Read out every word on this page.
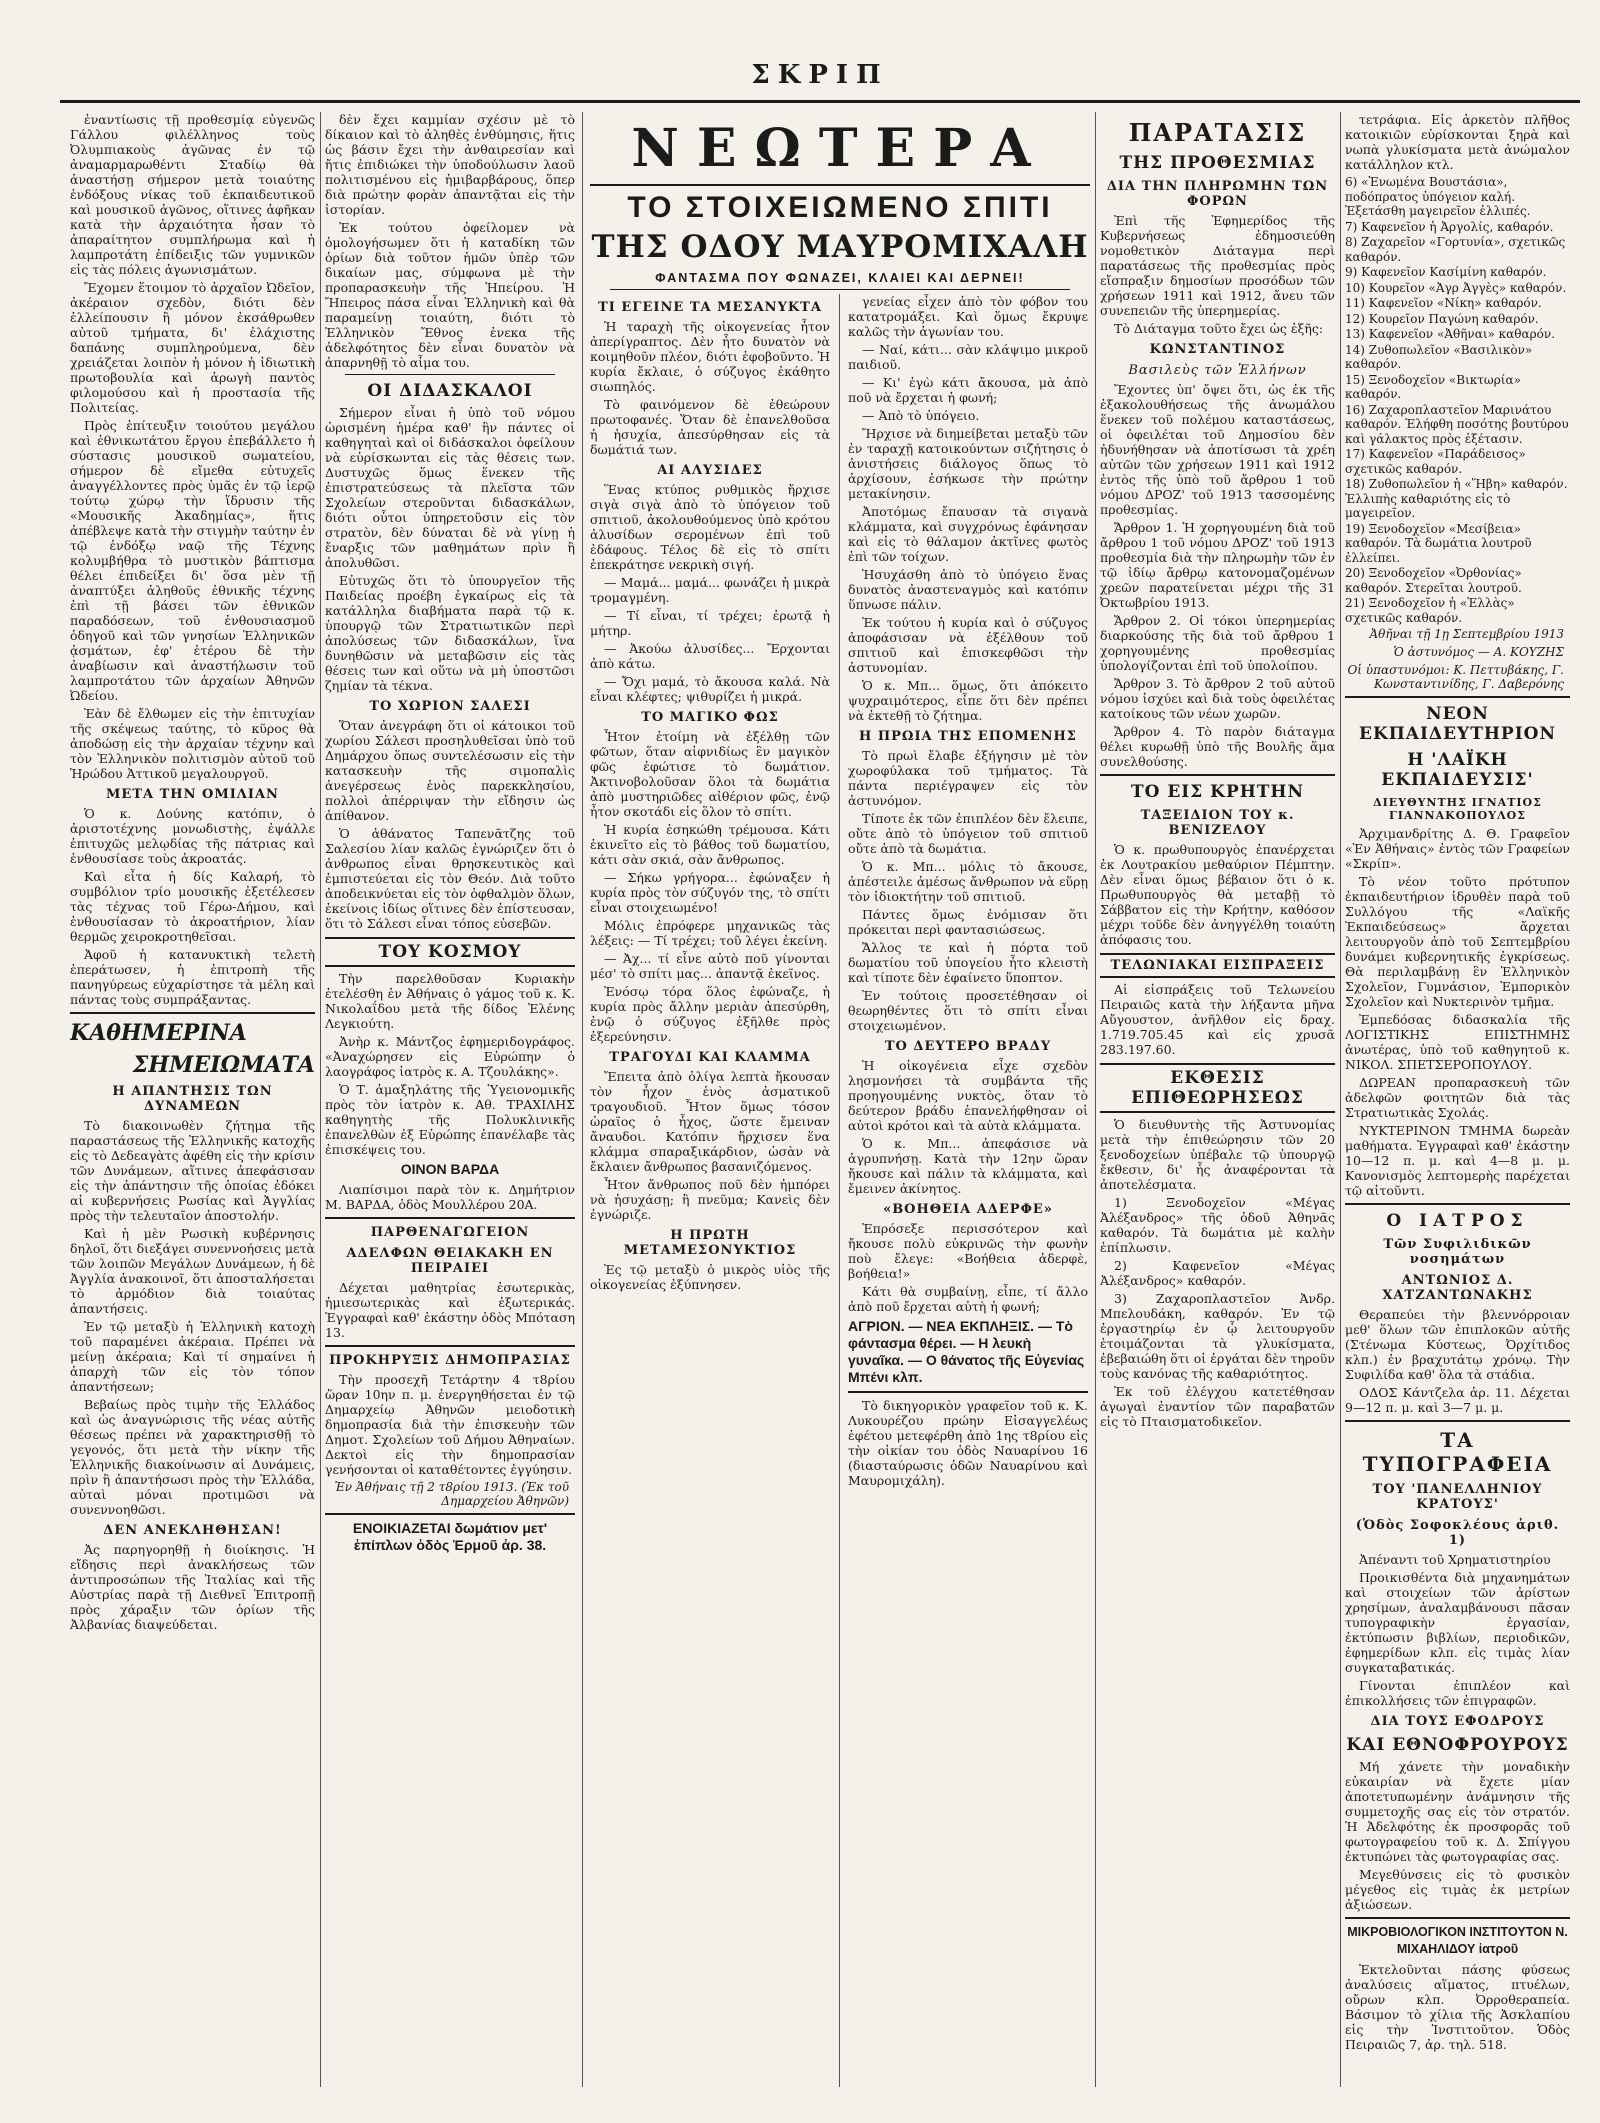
ΣΚΡΙΠ

ἐναντίωσις τῇ προθεσμίᾳ εὐγενῶς Γάλλου φιλέλληνος τοὺς Ὀλυμπιακοὺς ἀγῶνας ἐν τῷ ἀναμαρμαρωθέντι Σταδίῳ θὰ ἀναστήσῃ σήμερον μετὰ τοιαύτης ἐνδόξους νίκας τοῦ ἐκπαιδευτικοῦ καὶ μουσικοῦ ἀγῶνος, οἵτινες ἀφῆκαν κατὰ τὴν ἀρχαιότητα ἦσαν τὸ ἀπαραίτητον συμπλήρωμα καὶ ἡ λαμπροτάτη ἐπίδειξις τῶν γυμνικῶν εἰς τὰς πόλεις ἀγωνισμάτων.

Ἔχομεν ἕτοιμον τὸ ἀρχαῖον Ὠδεῖον, ἀκέραιον σχεδὸν, διότι δὲν ἐλλείπουσιν ἢ μόνον ἐκσάθρωθεν αὐτοῦ τμήματα, δι' ἐλάχιστης δαπάνης συμπληρούμενα, δὲν χρειάζεται λοιπὸν ἡ μόνον ἡ ἰδιωτικὴ πρωτοβουλία καὶ ἀρωγὴ παντὸς φιλομούσου καὶ ἡ προστασία τῆς Πολιτείας.

Πρὸς ἐπίτευξιν τοιούτου μεγάλου καὶ ἐθνικωτάτου ἔργου ἐπεβάλλετο ἡ σύστασις μουσικοῦ σωματείου, σήμερον δὲ εἴμεθα εὐτυχεῖς ἀναγγέλλοντες πρὸς ὑμᾶς ἐν τῷ ἱερῷ τούτῳ χώρῳ τὴν ἵδρυσιν τῆς «Μουσικῆς Ἀκαδημίας», ἥτις ἀπέβλεψε κατὰ τὴν στιγμὴν ταύτην ἐν τῷ ἐνδόξῳ ναῷ τῆς Τέχνης κολυμβήθρα τὸ μυστικὸν βάπτισμα θέλει ἐπιδείξει δι' ὅσα μὲν τῇ ἀναπτύξει ἀληθοῦς ἐθνικῆς τέχνης ἐπὶ τῇ βάσει τῶν ἐθνικῶν παραδόσεων, τοῦ ἐνθουσιασμοῦ ὁδηγοῦ καὶ τῶν γνησίων Ἑλληνικῶν ᾀσμάτων, ἐφ' ἑτέρου δὲ τὴν ἀναβίωσιν καὶ ἀναστήλωσιν τοῦ λαμπροτάτου τῶν ἀρχαίων Ἀθηνῶν Ὠδείου.

Ἐὰν δὲ ἔλθωμεν εἰς τὴν ἐπιτυχίαν τῆς σκέψεως ταύτης, τὸ κῦρος θὰ ἀποδώσῃ εἰς τὴν ἀρχαίαν τέχνην καὶ τὸν Ἑλληνικὸν πολιτισμὸν αὐτοῦ τοῦ Ἡρώδου Ἀττικοῦ μεγαλουργοῦ.

ΜΕΤΑ ΤΗΝ ΟΜΙΛΙΑΝ

Ὁ κ. Δούνης κατόπιν, ὁ ἀριστοτέχνης μονωδιστὴς, ἐψάλλε ἐπιτυχῶς μελῳδίας τῆς πάτριας καὶ ἐνθουσίασε τοὺς ἀκροατάς.

Καὶ εἶτα ἡ δίς Καλαρή, τὸ συμβόλιον τρίο μουσικῆς ἐξετέλεσεν τὰς τέχνας τοῦ Γέρω-Δήμου, καὶ ἐνθουσίασαν τὸ ἀκροατήριον, λίαν θερμῶς χειροκροτηθεῖσαι.

Ἀφοῦ ἡ κατανυκτικὴ τελετὴ ἐπεράτωσεν, ἡ ἐπιτροπὴ τῆς πανηγύρεως εὐχαρίστησε τὰ μέλη καὶ πάντας τοὺς συμπράξαντας.

ΚΑθΗΜΕΡΙΝΑ
ΣΗΜΕΙΩΜΑΤΑ
Η ΑΠΑΝΤΗΣΙΣ ΤΩΝ ΔΥΝΑΜΕΩΝ

Τὸ διακοινωθὲν ζήτημα τῆς παραστάσεως τῆς Ἑλληνικῆς κατοχῆς εἰς τὸ Δεδεαγὰτς ἀφέθη εἰς τὴν κρίσιν τῶν Δυνάμεων, αἵτινες ἀπεφάσισαν εἰς τὴν ἀπάντησιν τῆς ὁποίας ἐδόκει αἱ κυβερνήσεις Ρωσίας καὶ Ἀγγλίας πρὸς τὴν τελευταῖον ἀποστολήν.

Καὶ ἡ μὲν Ρωσικὴ κυβέρνησις δηλοῖ, ὅτι διεξάγει συνεννοήσεις μετὰ τῶν λοιπῶν Μεγάλων Δυνάμεων, ἡ δὲ Ἀγγλία ἀνακοινοῖ, ὅτι ἀποσταλήσεται τὸ ἀρμόδιον διὰ τοιαύτας ἀπαντήσεις.

Ἐν τῷ μεταξὺ ἡ Ἑλληνικὴ κατοχὴ τοῦ παραμένει ἀκέραια. Πρέπει νὰ μείνῃ ἀκέραια; Καὶ τί σημαίνει ἡ ἀπαρχὴ τῶν εἰς τὸν τόπον ἀπαντήσεων;

Βεβαίως πρὸς τιμὴν τῆς Ἑλλάδος καὶ ὡς ἀναγνώρισις τῆς νέας αὐτῆς θέσεως πρέπει νὰ χαρακτηρισθῇ τὸ γεγονός, ὅτι μετὰ τὴν νίκην τῆς Ἑλληνικῆς διακοίνωσιν αἱ Δυνάμεις, πρὶν ἢ ἀπαντήσωσι πρὸς τὴν Ἑλλάδα, αὐταὶ μόναι προτιμῶσι νὰ συνεννοηθῶσι.

ΔΕΝ ΑΝΕΚΛΗΘΗΣΑΝ!

Ἀς παρηγορηθῇ ἡ διοίκησις. Ἡ εἴδησις περὶ ἀνακλήσεως τῶν ἀντιπροσώπων τῆς Ἰταλίας καὶ τῆς Αὐστρίας παρὰ τῇ Διεθνεῖ Ἐπιτροπῇ πρὸς χάραξιν τῶν ὁρίων τῆς Ἀλβανίας διαψεύδεται.

δὲν ἔχει καμμίαν σχέσιν μὲ τὸ δίκαιον καὶ τὸ ἀληθὲς ἐνθύμησις, ἥτις ὡς βάσιν ἔχει τὴν ἀνθαιρεσίαν καὶ ἤτις ἐπιδιώκει τὴν ὑποδούλωσιν λαοῦ πολιτισμένου εἰς ἡμιβαρβάρους, ὅπερ διὰ πρώτην φορὰν ἀπαντᾷται εἰς τὴν ἱστορίαν.

Ἐκ τούτου ὀφείλομεν νὰ ὁμολογήσωμεν ὅτι ἡ καταδίκη τῶν ὁρίων διὰ τοῦτον ἡμῶν ὑπὲρ τῶν δικαίων μας, σύμφωνα μὲ τὴν προπαρασκευὴν τῆς Ἠπείρου. Ἡ Ἤπειρος πάσα εἶναι Ἑλληνικὴ καὶ θὰ παραμείνῃ τοιαύτη, διότι τὸ Ἑλληνικὸν Ἔθνος ἐνεκα τῆς ἀδελφότητος δὲν εἶναι δυνατὸν νὰ ἀπαρνηθῇ τὸ αἷμα του.

ΟΙ ΔΙΔΑΣΚΑΛΟΙ

Σήμερον εἶναι ἡ ὑπὸ τοῦ νόμου ὡρισμένη ἡμέρα καθ' ἣν πάντες οἱ καθηγηταὶ καὶ οἱ διδάσκαλοι ὀφείλουν νὰ εὑρίσκωνται εἰς τὰς θέσεις των. Δυστυχῶς ὅμως ἕνεκεν τῆς ἐπιστρατεύσεως τὰ πλεῖστα τῶν Σχολείων στεροῦνται διδασκάλων, διότι οὗτοι ὑπηρετοῦσιν εἰς τὸν στρατὸν, δὲν δύναται δὲ νὰ γίνῃ ἡ ἔναρξις τῶν μαθημάτων πρὶν ἢ ἀπολυθῶσι.

Εὐτυχῶς ὅτι τὸ ὑπουργεῖον τῆς Παιδείας προέβη ἐγκαίρως εἰς τὰ κατάλληλα διαβήματα παρὰ τῷ κ. ὑπουργῷ τῶν Στρατιωτικῶν περὶ ἀπολύσεως τῶν διδασκάλων, ἵνα δυνηθῶσιν νὰ μεταβῶσιν εἰς τὰς θέσεις των καὶ οὕτω νὰ μὴ ὑποστῶσι ζημίαν τὰ τέκνα.

ΤΟ ΧΩΡΙΟΝ ΣΑΛΕΣΙ

Ὅταν ἀνεγράφη ὅτι οἱ κάτοικοι τοῦ χωρίου Σάλεσι προσηλυθεῖσαι ὑπὸ τοῦ Δημάρχου ὅπως συντελέσωσιν εἰς τὴν κατασκευὴν τῆς σιμοπαλὶς ἀνεγέρσεως ἑνὸς παρεκκλησίου, πολλοὶ ἀπέρριψαν τὴν εἴδησιν ὡς ἀπίθανον.

Ὁ ἀθάνατος Ταπενᾶτζης τοῦ Σαλεσίου λίαν καλῶς ἐγνώριζεν ὅτι ὁ ἀνθρωπος εἶναι θρησκευτικὸς καὶ ἐμπιστεύεται εἰς τὸν Θεόν. Διὰ τοῦτο ἀποδεικνύεται εἰς τὸν ὀφθαλμὸν ὅλων, ἐκείνοις ἰδίως οἵτινες δὲν ἐπίστευσαν, ὅτι τὸ Σάλεσι εἶναι τόπος εὐσεβῶν.

ΤΟΥ ΚΟΣΜΟΥ

Τὴν παρελθοῦσαν Κυριακὴν ἐτελέσθη ἐν Ἀθήναις ὁ γάμος τοῦ κ. Κ. Νικολαΐδου μετὰ τῆς δίδος Ἑλένης Λεγκιούτη.

Ἀνὴρ κ. Μάντζος ἐφημεριδογράφος. «Ἀναχώρησεν εἰς Εὐρώπην ὁ λαογράφος ἰατρὸς κ. Α. Τζουλάκης».

Ὁ Τ. ἀμαξηλάτης τῆς Ὑγειονομικῆς πρὸς τὸν ἱατρὸν κ. Αθ. ΤΡΑΧΙΛΗΣ καθηγητὴς τῆς Πολυκλινικῆς ἐπανελθὼν ἐξ Εὐρώπης ἐπανέλαβε τὰς ἐπισκέψεις του.

ΟΙΝΟΝ ΒΑΡΔΑ

Λιαπίσιμοι παρὰ τὸν κ. Δημήτριον Μ. ΒΑΡΔΑ, ὁδὸς Μουλλέρου 20Α.

ΠΑΡΘΕΝΑΓΩΓΕΙΟΝ
ΑΔΕΛΦΩΝ ΘΕΙΑΚΑΚΗ ΕΝ ΠΕΙΡΑΙΕΙ

Δέχεται μαθητρίας ἐσωτερικὰς, ἡμιεσωτερικὰς καὶ ἐξωτερικάς. Ἐγγραφαὶ καθ' ἑκάστην ὁδὸς Μπόταση 13.

ΠΡΟΚΗΡΥΞΙΣ ΔΗΜΟΠΡΑΣΙΑΣ

Τὴν προσεχῆ Τετάρτην 4 τ8ρίου ὥραν 10ην π. μ. ἐνεργηθήσεται ἐν τῷ Δημαρχείῳ Ἀθηνῶν μειοδοτικὴ δημοπρασία διὰ τὴν ἐπισκευὴν τῶν Δημοτ. Σχολείων τοῦ Δήμου Ἀθηναίων. Δεκτοὶ εἰς τὴν δημοπρασίαν γενήσονται οἱ καταθέτοντες ἐγγύησιν.

Ἐν Ἀθήναις τῇ 2 τ8ρίου 1913. (Ἐκ τοῦ Δημαρχείου Ἀθηνῶν)
ΕΝΟΙΚΙΑΖΕΤΑΙ δωμάτιον μετ' ἐπίπλων ὁδὸς Ἑρμοῦ ἀρ. 38.
ΝΕΩΤΕΡΑ
ΤΟ ΣΤΟΙΧΕΙΩΜΕΝΟ ΣΠΙΤΙ
ΤΗΣ ΟΔΟΥ ΜΑΥΡΟΜΙΧΑΛΗ
ΦΑΝΤΑΣΜΑ ΠΟΥ ΦΩΝΑΖΕΙ, ΚΛΑΙΕΙ ΚΑΙ ΔΕΡΝΕΙ!
ΤΙ ΕΓΕΙΝΕ ΤΑ ΜΕΣΑΝΥΚΤΑ

Ἡ ταραχὴ τῆς οἰκογενείας ἦτον ἀπερίγραπτος. Δὲν ἦτο δυνατὸν νὰ κοιμηθοῦν πλέον, διότι ἐφοβοῦντο. Ἡ κυρία ἔκλαιε, ὁ σύζυγος ἐκάθητο σιωπηλός.

Τὸ φαινόμενον δὲ ἐθεώρουν πρωτοφανές. Ὅταν δὲ ἐπανελθοῦσα ἡ ἡσυχία, ἀπεσύρθησαν εἰς τὰ δωμάτιά των.

ΑΙ ΑΛΥΣΙΔΕΣ

Ἕνας κτύπος ρυθμικὸς ἤρχισε σιγὰ σιγὰ ἀπὸ τὸ ὑπόγειον τοῦ σπιτιοῦ, ἀκολουθούμενος ὑπὸ κρότου ἁλυσίδων σερομένων ἐπὶ τοῦ ἐδάφους. Τέλος δὲ εἰς τὸ σπίτι ἐπεκράτησε νεκρικὴ σιγή.

— Μαμά... μαμά... φωνάζει ἡ μικρὰ τρομαγμένη.

— Τί εἶναι, τί τρέχει; ἐρωτᾷ ἡ μήτηρ.

— Ἀκούω ἀλυσίδες... Ἔρχονται ἀπὸ κάτω.

— Ὄχι μαμά, τὸ ἄκουσα καλά. Νὰ εἶναι κλέφτες; ψιθυρίζει ἡ μικρά.

ΤΟ ΜΑΓΙΚΟ ΦΩΣ

Ἦτον ἑτοίμη νὰ ἐξέλθῃ τῶν φῶτων, ὅταν αἰφνιδίως ἓν μαγικὸν φῶς ἐφώτισε τὸ δωμάτιον. Ἀκτινοβολοῦσαν ὅλοι τὰ δωμάτια ἀπὸ μυστηριῶδες αἰθέριον φῶς, ἐνῷ ἦτον σκοτάδι εἰς ὅλον τὸ σπίτι.

Ἡ κυρία ἐσηκώθη τρέμουσα. Κάτι ἐκινεῖτο εἰς τὸ βάθος τοῦ δωματίου, κάτι σὰν σκιά, σὰν ἄνθρωπος.

— Σήκω γρήγορα... ἐφώναξεν ἡ κυρία πρὸς τὸν σύζυγόν της, τὸ σπίτι εἶναι στοιχειωμένο!

Μόλις ἐπρόφερε μηχανικῶς τὰς λέξεις: — Τί τρέχει; τοῦ λέγει ἐκείνη.

— Ἀχ... τί εἶνε αὐτὸ ποῦ γίνονται μέσ' τὸ σπίτι μας... ἀπαντᾷ ἐκεῖνος.

Ἐνόσῳ τόρα ὅλος ἐφώναζε, ἡ κυρία πρὸς ἄλλην μεριὰν ἀπεσύρθη, ἐνῷ ὁ σύζυγος ἐξῆλθε πρὸς ἐξερεύνησιν.

ΤΡΑΓΟΥΔΙ ΚΑΙ ΚΛΑΜΜΑ

Ἔπειτα ἀπὸ ὀλίγα λεπτὰ ἤκουσαν τὸν ἦχον ἑνὸς ἀσματικοῦ τραγουδιοῦ. Ἦτον ὅμως τόσον ὡραῖος ὁ ἦχος, ὥστε ἔμειναν ἄναυδοι. Κατόπιν ἤρχισεν ἕνα κλάμμα σπαραξικάρδιον, ὡσὰν νὰ ἔκλαιεν ἄνθρωπος βασανιζόμενος.

Ἦτον ἄνθρωπος ποῦ δὲν ἠμπόρει νὰ ἡσυχάσῃ; ἢ πνεῦμα; Κανεὶς δὲν ἐγνώριζε.

Η ΠΡΩΤΗ ΜΕΤΑΜΕΣΟΝΥΚΤΙΟΣ

Ἐς τῷ μεταξὺ ὁ μικρὸς υἱὸς τῆς οἰκογενείας ἐξύπνησεν.

γενείας εἶχεν ἀπὸ τὸν φόβον του κατατρομάξει. Καὶ ὅμως ἔκρυψε καλῶς τὴν ἀγωνίαν του.

— Ναί, κάτι... σὰν κλάψιμο μικροῦ παιδιοῦ.

— Κι' ἐγὼ κάτι ἄκουσα, μὰ ἀπὸ ποῦ νὰ ἔρχεται ἡ φωνή;

— Ἀπὸ τὸ ὑπόγειο.

Ἤρχισε νὰ διημείβεται μεταξὺ τῶν ἐν ταραχῇ κατοικούντων σιζήτησις ὁ ἀνιστήσεις διάλογος ὅπως τὸ ἀρχίσουν, ἐσήκωσε τὴν πρώτην μετακίνησιν.

Ἀποτόμως ἔπαυσαν τὰ σιγανὰ κλάμματα, καὶ συγχρόνως ἐφάνησαν καὶ εἰς τὸ θάλαμον ἀκτῖνες φωτὸς ἐπὶ τῶν τοίχων.

Ἡσυχάσθη ἀπὸ τὸ ὑπόγειο ἕνας δυνατὸς ἀναστεναγμὸς καὶ κατόπιν ὕπνωσε πάλιν.

Ἐκ τούτου ἡ κυρία καὶ ὁ σύζυγος ἀποφάσισαν νὰ ἐξέλθουν τοῦ σπιτιοῦ καὶ ἐπισκεφθῶσι τὴν ἀστυνομίαν.

Ὁ κ. Μπ... ὅμως, ὅτι ἀπόκειτο ψυχραιμότερος, εἶπε ὅτι δὲν πρέπει νὰ ἐκτεθῇ τὸ ζήτημα.

Η ΠΡΩΙΑ ΤΗΣ ΕΠΟΜΕΝΗΣ

Τὸ πρωὶ ἔλαβε ἐξήγησιν μὲ τὸν χωροφύλακα τοῦ τμήματος. Τὰ πάντα περιέγραψεν εἰς τὸν ἀστυνόμον.

Τίποτε ἐκ τῶν ἐπιπλέον δὲν ἔλειπε, οὔτε ἀπὸ τὸ ὑπόγειον τοῦ σπιτιοῦ οὔτε ἀπὸ τὰ δωμάτια.

Ὁ κ. Μπ... μόλις τὸ ἄκουσε, ἀπέστειλε ἀμέσως ἄνθρωπον νὰ εὕρῃ τὸν ἰδιοκτήτην τοῦ σπιτιοῦ.

Πάντες ὅμως ἐνόμισαν ὅτι πρόκειται περὶ φαντασιώσεως.

Ἄλλος τε καὶ ἡ πόρτα τοῦ δωματίου τοῦ ὑπογείου ἦτο κλειστὴ καὶ τίποτε δὲν ἐφαίνετο ὕποπτον.

Ἐν τούτοις προσετέθησαν οἱ θεωρηθέντες ὅτι τὸ σπίτι εἶναι στοιχειωμένον.

ΤΟ ΔΕΥΤΕΡΟ ΒΡΑΔΥ

Ἡ οἰκογένεια εἶχε σχεδὸν λησμονήσει τὰ συμβάντα τῆς προηγουμένης νυκτὸς, ὅταν τὸ δεύτερον βράδυ ἐπανελήφθησαν οἱ αὐτοὶ κρότοι καὶ τὰ αὐτὰ κλάμματα.

Ὁ κ. Μπ... ἀπεφάσισε νὰ ἀγρυπνήσῃ. Κατὰ τὴν 12ην ὥραν ἤκουσε καὶ πάλιν τὰ κλάμματα, καὶ ἔμεινεν ἀκίνητος.

«ΒΟΗΘΕΙΑ ΑΔΕΡΦΕ»

Ἐπρόσεξε περισσότερον καὶ ἤκουσε πολὺ εὐκρινῶς τὴν φωνὴν ποὺ ἔλεγε: «Βοήθεια ἀδερφὲ, βοήθεια!»

Κάτι θὰ συμβαίνῃ, εἶπε, τί ἄλλο ἀπὸ ποῦ ἔρχεται αὐτὴ ἡ φωνή;

ΑΓΡΙΟΝ. — ΝΕΑ ΕΚΠΛΗΞΙΣ. — Τὸ φάντασμα θέρει. — Η λευκὴ γυναῖκα. — Ο θάνατος τῆς Εὐγενίας Μπένι κλπ.

Τὸ δικηγορικὸν γραφεῖον τοῦ κ. Κ. Λυκουρέζου πρώην Εἰσαγγελέως ἐφέτου μετεφέρθη ἀπὸ 1ης τ8ρίου εἰς τὴν οἰκίαν του ὁδὸς Ναυαρίνου 16 (διασταύρωσις ὁδῶν Ναυαρίνου καὶ Μαυρομιχάλη).

ΠΑΡΑΤΑΣΙΣ
ΤΗΣ ΠΡΟΘΕΣΜΙΑΣ
ΔΙΑ ΤΗΝ ΠΛΗΡΩΜΗΝ ΤΩΝ ΦΟΡΩΝ

Ἐπὶ τῆς Ἐφημερίδος τῆς Κυβερνήσεως ἐδημοσιεύθη νομοθετικὸν Διάταγμα περὶ παρατάσεως τῆς προθεσμίας πρὸς εἴσπραξιν δημοσίων προσόδων τῶν χρήσεων 1911 καὶ 1912, ἄνευ τῶν συνεπειῶν τῆς ὑπερημερίας.

Τὸ Διάταγμα τοῦτο ἔχει ὡς ἑξῆς:

ΚΩΝΣΤΑΝΤΙΝΟΣ
Βασιλεὺς τῶν Ἑλλήνων

Ἔχοντες ὑπ' ὄψει ὅτι, ὡς ἐκ τῆς ἐξακολουθήσεως τῆς ἀνωμάλου ἕνεκεν τοῦ πολέμου καταστάσεως, οἱ ὀφειλέται τοῦ Δημοσίου δὲν ἠδυνήθησαν νὰ ἀποτίσωσι τὰ χρέη αὐτῶν τῶν χρήσεων 1911 καὶ 1912 ἐντὸς τῆς ὑπὸ τοῦ ἄρθρου 1 τοῦ νόμου ΔΡΟΖ' τοῦ 1913 τασσομένης προθεσμίας.

Ἄρθρον 1. Ἡ χορηγουμένη διὰ τοῦ ἄρθρου 1 τοῦ νόμου ΔΡΟΖ' τοῦ 1913 προθεσμία διὰ τὴν πληρωμὴν τῶν ἐν τῷ ἰδίῳ ἄρθρῳ κατονομαζομένων χρεῶν παρατείνεται μέχρι τῆς 31 Ὀκτωβρίου 1913.

Ἄρθρον 2. Οἱ τόκοι ὑπερημερίας διαρκούσης τῆς διὰ τοῦ ἄρθρου 1 χορηγουμένης προθεσμίας ὑπολογίζονται ἐπὶ τοῦ ὑπολοίπου.

Ἄρθρον 3. Τὸ ἄρθρον 2 τοῦ αὐτοῦ νόμου ἰσχύει καὶ διὰ τοὺς ὀφειλέτας κατοίκους τῶν νέων χωρῶν.

Ἄρθρον 4. Τὸ παρὸν διάταγμα θέλει κυρωθῇ ὑπὸ τῆς Βουλῆς ἅμα συνελθούσης.

ΤΟ ΕΙΣ ΚΡΗΤΗΝ
ΤΑΞΕΙΔΙΟΝ ΤΟΥ κ. ΒΕΝΙΖΕΛΟΥ

Ὁ κ. πρωθυπουργὸς ἐπανέρχεται ἐκ Λουτρακίου μεθαύριον Πέμπτην. Δὲν εἶναι ὅμως βέβαιον ὅτι ὁ κ. Πρωθυπουργὸς θὰ μεταβῇ τὸ Σάββατον εἰς τὴν Κρήτην, καθόσον μέχρι τοῦδε δὲν ἀνηγγέλθη τοιαύτη ἀπόφασις του.

ΤΕΛΩΝΙΑΚΑΙ ΕΙΣΠΡΑΞΕΙΣ

Αἱ εἰσπράξεις τοῦ Τελωνείου Πειραιῶς κατὰ τὴν λήξαντα μῆνα Αὔγουστον, ἀνῆλθον εἰς δραχ. 1.719.705.45 καὶ εἰς χρυσᾶ 283.197.60.

ΕΚΘΕΣΙΣ ΕΠΙΘΕΩΡΗΣΕΩΣ

Ὁ διευθυντὴς τῆς Ἀστυνομίας μετὰ τὴν ἐπιθεώρησιν τῶν 20 ξενοδοχείων ὑπέβαλε τῷ ὑπουργῷ ἔκθεσιν, δι' ἧς ἀναφέρονται τὰ ἀποτελέσματα.

1) Ξενοδοχεῖον «Μέγας Ἀλέξανδρος» τῆς ὁδοῦ Ἀθηνᾶς καθαρόν. Τὰ δωμάτια μὲ καλὴν ἐπίπλωσιν.

2) Καφενεῖον «Μέγας Ἀλέξανδρος» καθαρόν.

3) Ζαχαροπλαστεῖον Ἀνδρ. Μπελουδάκη, καθαρόν. Ἐν τῷ ἐργαστηρίῳ ἐν ᾧ λειτουργοῦν ἑτοιμάζονται τὰ γλυκίσματα, ἐβεβαιώθη ὅτι οἱ ἐργάται δὲν τηροῦν τοὺς κανόνας τῆς καθαριότητος.

Ἐκ τοῦ ἐλέγχου κατετέθησαν ἀγωγαὶ ἐναντίον τῶν παραβατῶν εἰς τὸ Πταισματοδικεῖον.

τετράφια. Εἰς ἀρκετὸν πλῆθος κατοικιῶν εὑρίσκονται ξηρὰ καὶ νωπὰ γλυκίσματα μετὰ ἀνώμαλον κατάλληλον κτλ.

6) «Ἐνωμένα Βουστάσια», ποδόπρατος ὑπόγειον καλή. Ἐξετάσθη μαγειρεῖον ἐλλιπές.

7) Καφενεῖον ἡ Ἀργολίς, καθαρόν.

8) Ζαχαρεῖον «Γορτυνία», σχετικῶς καθαρόν.

9) Καφενεῖον Κασίμίνη καθαρόν.

10) Κουρεῖον «Ἀγρ Ἀγγὲς» καθαρόν.

11) Καφενεῖον «Νίκη» καθαρόν.

12) Κουρεῖον Παγώνη καθαρόν.

13) Καφενεῖον «Ἀθῆναι» καθαρόν.

14) Ζυθοπωλεῖον «Βασιλικὸν» καθαρόν.

15) Ξενοδοχεῖον «Βικτωρία» καθαρόν.

16) Ζαχαροπλαστεῖον Μαρινάτου καθαρόν. Ἐλήφθη ποσότης βουτύρου καὶ γάλακτος πρὸς ἐξέτασιν.

17) Καφενεῖον «Παράδεισος» σχετικῶς καθαρόν.

18) Ζυθοπωλεῖον ἡ «Ἥβη» καθαρόν. Ἐλλιπὴς καθαριότης εἰς τὸ μαγειρεῖον.

19) Ξενοδοχεῖον «Μεσίβεια» καθαρόν. Τὰ δωμάτια λουτροῦ ἐλλείπει.

20) Ξενοδοχεῖον «Ὀρθονίας» καθαρόν. Στερεῖται λουτροῦ.

21) Ξενοδοχεῖον ἡ «Ἑλλὰς» σχετικῶς καθαρόν.

Ἀθῆναι τῇ 1ῃ Σεπτεμβρίου 1913
Ὁ ἀστυνόμος — Α. ΚΟΥΖΗΣ
Οἱ ὑπαστυνόμοι: Κ. Πεττυβάκης, Γ. Κωνσταντινίδης, Γ. Δαβερόνης
ΝΕΟΝ ΕΚΠΑΙΔΕΥΤΗΡΙΟΝ
Η 'ΛΑΪΚΗ ΕΚΠΑΙΔΕΥΣΙΣ'
ΔΙΕΥΘΥΝΤΗΣ ΙΓΝΑΤΙΟΣ ΓΙΑΝΝΑΚΟΠΟΥΛΟΣ

Ἀρχιμανδρίτης Δ. Θ. Γραφεῖον «Ἐν Ἀθήναις» ἐντὸς τῶν Γραφείων «Σκρίπ».

Τὸ νέον τοῦτο πρότυπον ἐκπαιδευτήριον ἱδρυθὲν παρὰ τοῦ Συλλόγου τῆς «Λαϊκῆς Ἐκπαιδεύσεως» ἄρχεται λειτουργοῦν ἀπὸ τοῦ Σεπτεμβρίου δυνάμει κυβερνητικῆς ἐγκρίσεως. Θὰ περιλαμβάνῃ ἓν Ἑλληνικὸν Σχολεῖον, Γυμνάσιον, Ἐμπορικὸν Σχολεῖον καὶ Νυκτερινὸν τμῆμα.

Ἐμπεδόσας διδασκαλία τῆς ΛΟΓΙΣΤΙΚΗΣ ΕΠΙΣΤΗΜΗΣ ἀνωτέρας, ὑπὸ τοῦ καθηγητοῦ κ. ΝΙΚΟΛ. ΣΠΕΤΣΕΡΟΠΟΥΛΟΥ.

ΔΩΡΕΑΝ προπαρασκευὴ τῶν ἀδελφῶν φοιτητῶν διὰ τὰς Στρατιωτικὰς Σχολάς.

ΝΥΚΤΕΡΙΝΟΝ ΤΜΗΜΑ δωρεὰν μαθήματα. Ἐγγραφαὶ καθ' ἑκάστην 10—12 π. μ. καὶ 4—8 μ. μ. Κανονισμὸς λεπτομερὴς παρέχεται τῷ αἰτοῦντι.

Ο ΙΑΤΡΟΣ
Τῶν Συφιλιδικῶν νοσημάτων
ΑΝΤΩΝΙΟΣ Δ. ΧΑΤΖΑΝΤΩΝΑΚΗΣ

Θεραπεύει τὴν βλεννόρροιαν μεθ' ὅλων τῶν ἐπιπλοκῶν αὐτῆς (Στένωμα Κύστεως, Ὀρχίτιδος κλπ.) ἐν βραχυτάτῳ χρόνῳ. Τὴν Συφιλίδα καθ' ὅλα τὰ στάδια.

ΟΔΟΣ Κάντζελα ἀρ. 11. Δέχεται 9—12 π. μ. καὶ 3—7 μ. μ.

ΤΑ ΤΥΠΟΓΡΑΦΕΙΑ
ΤΟΥ 'ΠΑΝΕΛΛΗΝΙΟΥ ΚΡΑΤΟΥΣ'
(Ὁδὸς Σοφοκλέους ἀριθ. 1)

Ἀπέναντι τοῦ Χρηματιστηρίου

Προικισθέντα διὰ μηχανημάτων καὶ στοιχείων τῶν ἀρίστων χρησίμων, ἀναλαμβάνουσι πᾶσαν τυπογραφικὴν ἐργασίαν, ἐκτύπωσιν βιβλίων, περιοδικῶν, ἐφημερίδων κλπ. εἰς τιμὰς λίαν συγκαταβατικάς.

Γίνονται ἐπιπλέον καὶ ἐπικολλήσεις τῶν ἐπιγραφῶν.

ΔΙΑ ΤΟΥΣ ΕΦΟΔΡΟΥΣ
ΚΑΙ ΕΘΝΟΦΡΟΥΡΟΥΣ

Μή χάνετε τὴν μοναδικὴν εὐκαιρίαν νὰ ἔχετε μίαν ἀποτετυπωμένην ἀνάμνησιν τῆς συμμετοχῆς σας εἰς τὸν στρατόν. Ἡ Ἀδελφότης ἐκ προσφορᾶς τοῦ φωτογραφείου τοῦ κ. Δ. Σπίγγου ἐκτυπώνει τὰς φωτογραφίας σας.

Μεγεθύνσεις εἰς τὸ φυσικὸν μέγεθος εἰς τιμὰς ἐκ μετρίων ἀξιώσεων.

ΜΙΚΡΟΒΙΟΛΟΓΙΚΟΝ ΙΝΣΤΙΤΟΥΤΟΝ Ν. ΜΙΧΑΗΛΙΔΟΥ ἰατροῦ

Ἐκτελοῦνται πάσης φύσεως ἀναλύσεις αἵματος, πτυέλων, οὔρων κλπ. Ὀρροθεραπεία. Βάσιμον τὸ χίλια τῆς Ἀσκλαπίου εἰς τὴν Ἰνστιτοῦτον. Ὁδὸς Πειραιῶς 7, ἀρ. τηλ. 518.
